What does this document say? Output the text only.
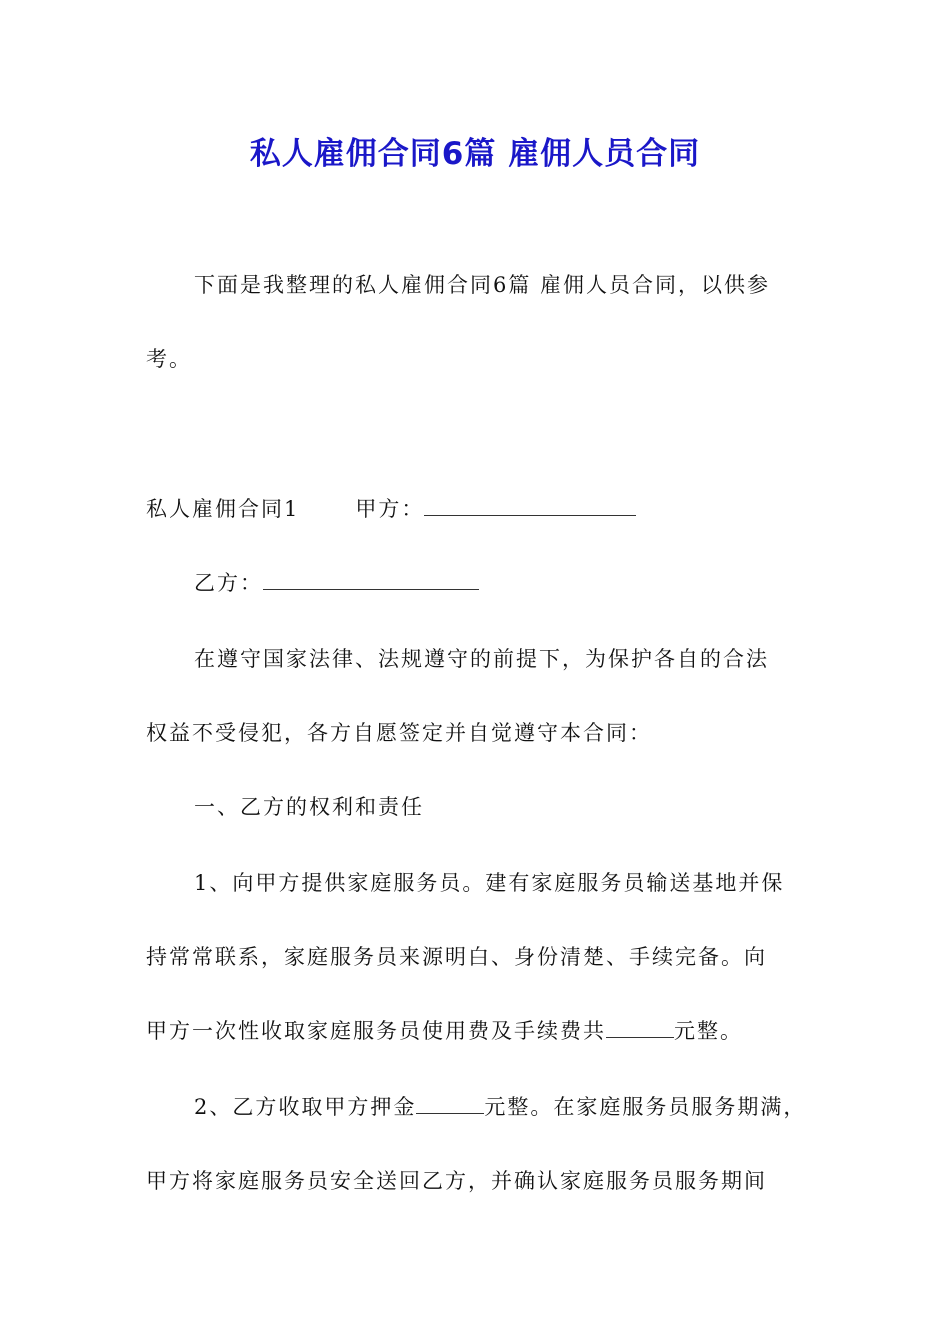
私人雇佣合同6篇 雇佣人员合同
下面是我整理的私人雇佣合同6篇 雇佣人员合同，以供参
考。
私人雇佣合同1	甲方：
乙方：
在遵守国家法律、法规遵守的前提下，为保护各自的合法
权益不受侵犯，各方自愿签定并自觉遵守本合同：
一、乙方的权利和责任
1、向甲方提供家庭服务员。建有家庭服务员输送基地并保
持常常联系，家庭服务员来源明白、身份清楚、手续完备。向
甲方一次性收取家庭服务员使用费及手续费共	元整。
2、乙方收取甲方押金	元整。在家庭服务员服务期满，
甲方将家庭服务员安全送回乙方，并确认家庭服务员服务期间
